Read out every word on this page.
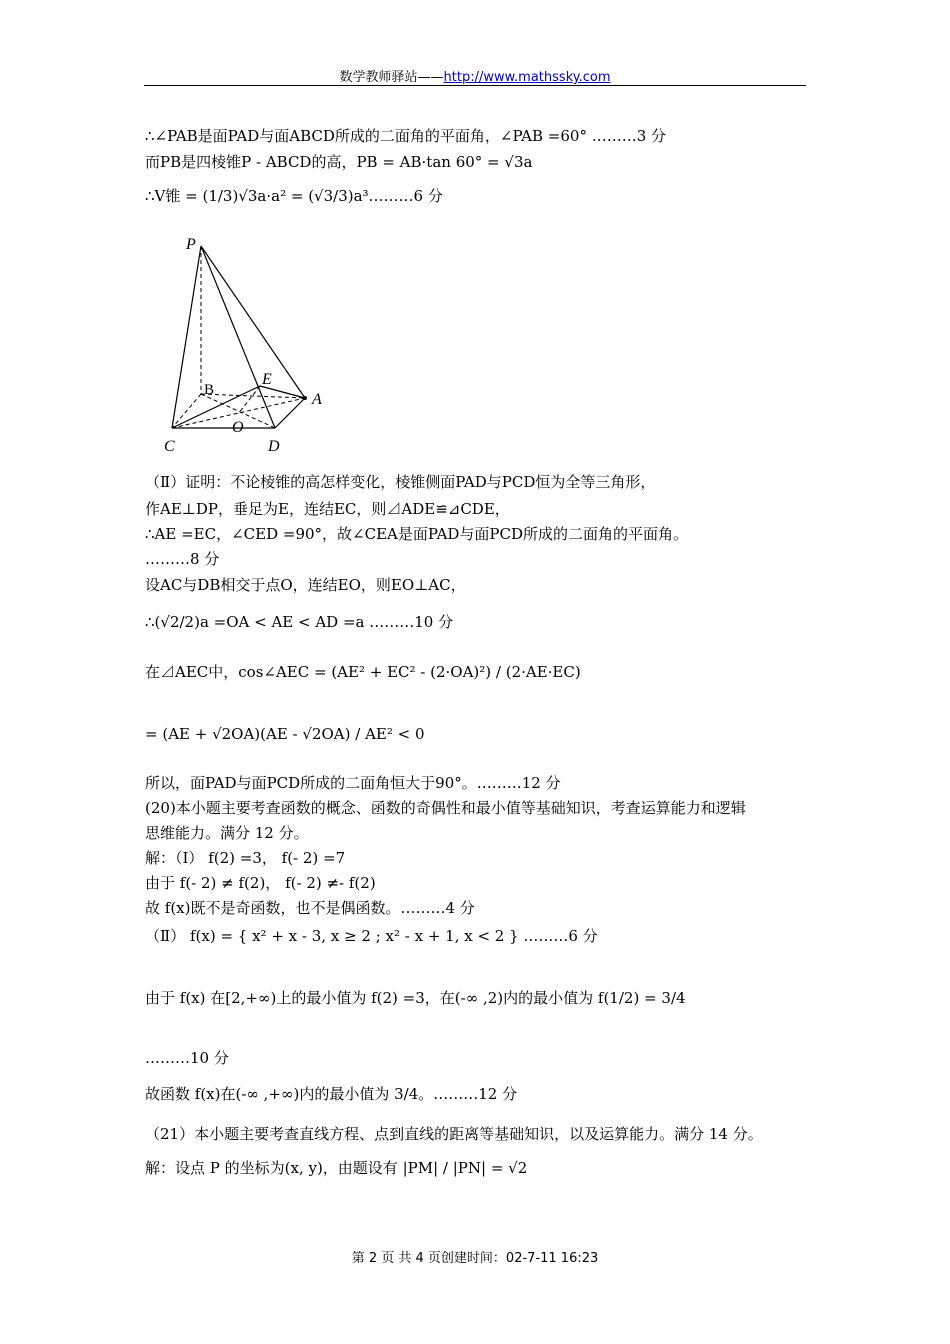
数学教师驿站——http://www.mathssky.com
∴∠PAB是面PAD与面ABCD所成的二面角的平面角，∠PAB =60° ………3 分
而PB是四棱锥P - ABCD的高，PB = AB·tan 60° = √3a
∴V锥 = (1/3)√3a·a² = (√3/3)a³………6 分
P
B
E
A
O
C	D
（Ⅱ）证明：不论棱锥的高怎样变化，棱锥侧面PAD与PCD恒为全等三角形，
作AE⊥DP，垂足为E，连结EC，则⊿ADE≌⊿CDE，
∴AE =EC，∠CED =90°，故∠CEA是面PAD与面PCD所成的二面角的平面角。
………8 分
设AC与DB相交于点O，连结EO，则EO⊥AC，
∴(√2/2)a =OA < AE < AD =a ………10 分
在⊿AEC中，cos∠AEC = (AE² + EC² - (2·OA)²) / (2·AE·EC)
= (AE + √2OA)(AE - √2OA) / AE² < 0
所以，面PAD与面PCD所成的二面角恒大于90°。………12 分
(20)本小题主要考查函数的概念、函数的奇偶性和最小值等基础知识，考查运算能力和逻辑
思维能力。满分 12 分。
解：（Ⅰ） f(2) =3， f(- 2) =7
由于 f(- 2) ≠ f(2)， f(- 2) ≠- f(2)
故 f(x)既不是奇函数，也不是偶函数。………4 分
（Ⅱ） f(x) = { x² + x - 3, x ≥ 2 ; x² - x + 1, x < 2 } ………6 分
由于 f(x) 在[2,+∞)上的最小值为 f(2) =3，在(-∞ ,2)内的最小值为 f(1/2) = 3/4
………10 分
故函数 f(x)在(-∞ ,+∞)内的最小值为 3/4。………12 分
（21）本小题主要考查直线方程、点到直线的距离等基础知识，以及运算能力。满分 14 分。
解：设点 P 的坐标为(x, y)，由题设有 |PM| / |PN| = √2
第 2 页 共 4 页创建时间：02-7-11 16:23
